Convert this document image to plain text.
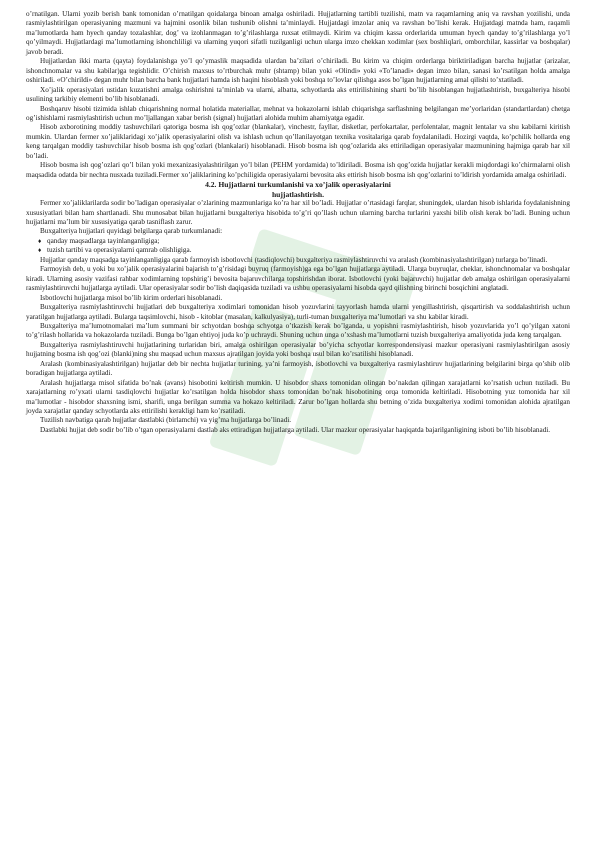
o’rnatilgan. Ularni yozib berish bank tomonidan o’rnatilgan qoidalarga binoan amalga oshiriladi. Hujjatlarning tartibli tuzilishi, matn va raqamlarning aniq va ravshan yozilishi, unda rasmiylashtirilgan operasiyaning mazmuni va hajmini osonlik bilan tushunib olishni ta’minlaydi. Hujjatdagi imzolar aniq va ravshan bo’lishi kerak. Hujjatdagi matnda ham, raqamli ma’lumotlarda ham hyech qanday tozalashlar, dog’ va izohlanmagan to’g’rilashlarga ruxsat etilmaydi. Kirim va chiqim kassa orderlarida umuman hyech qanday to’g’rilashlarga yo’l qo’yilmaydi. Hujjatlardagi ma’lumotlarning ishonchliligi va ularning yuqori sifatli tuzilganligi uchun ularga imzo chekkan xodimlar (sex boshliqlari, omborchilar, kassirlar va boshqalar) javob beradi.

Hujjatlardan ikki marta (qayta) foydalanishga yo’l qo’ymaslik maqsadida ulardan ba’zilari o’chiriladi. Bu kirim va chiqim orderlarga biriktiriladigan barcha hujjatlar (arizalar, ishonchnomalar va shu kabilar)ga tegishlidir. O’chirish maxsus to’rtburchak muhr (shtamp) bilan yoki «Olindi» yoki «To’lanadi» degan imzo bilan, sanasi ko’rsatilgan holda amalga oshiriladi. «O’chirildi» degan muhr bilan barcha bank hujjatlari hamda ish haqini hisoblash yoki boshqa to’lovlar qilishga asos bo’lgan hujjatlarning amal qilishi to’xtatiladi.

Xo’jalik operasiyalari ustidan kuzatishni amalga oshirishni ta’minlab va ularni, albatta, schyotlarda aks ettirilishining sharti bo’lib hisoblangan hujjatlashtirish, buxgalteriya hisobi usulining tarkibiy elementi bo’lib hisoblanadi.

Boshqaruv hisobi tizimida ishlab chiqarishning normal holatida materiallar, mehnat va hokazolarni ishlab chiqarishga sarflashning belgilangan me’yorlaridan (standartlardan) chetga og’ishishlarni rasmiylashtirish uchun mo’ljallangan xabar berish (signal) hujjatlari alohida muhim ahamiyatga egadir.

Hisob axborotining moddiy tashuvchilari qatoriga bosma ish qog’ozlar (blankalar), vinchestr, fayllar, disketlar, perfokartalar, perfolentalar, magnit lentalar va shu kabilarni kiritish mumkin. Ulardan fermer xo’jaliklaridagi xo’jalik operasiyalarini olish va ishlash uchun qo’llanilayotgan texnika vositalariga qarab foydalaniladi. Hozirgi vaqtda, ko’pchilik hollarda eng keng tarqalgan moddiy tashuvchilar hisob bosma ish qog’ozlari (blankalari) hisoblanadi. Hisob bosma ish qog’ozlarida aks ettiriladigan operasiyalar mazmunining hajmiga qarab har xil bo’ladi.

Hisob bosma ish qog’ozlari qo’l bilan yoki mexanizasiyalashtirilgan yo’l bilan (PEHM yordamida) to’ldiriladi. Bosma ish qog’ozida hujjatlar kerakli miqdordagi ko’chirmalarni olish maqsadida odatda bir nechta nusxada tuziladi.Fermer xo’jaliklarining ko’pchiligida operasiyalarni bevosita aks ettirish hisob bosma ish qog’ozlarini to’ldirish yordamida amalga oshiriladi.

4.2. Hujjatlarni turkumlanishi va xo’jalik operasiyalarini

hujjatlashtirish.

Fermer xo’jaliklarilarda sodir bo’ladigan operasiyalar o’zlarining mazmunlariga ko’ra har xil bo’ladi. Hujjatlar o’rtasidagi farqlar, shuningdek, ulardan hisob ishlarida foydalanishning xususiyatlari bilan ham shartlanadi. Shu munosabat bilan hujjatlarni buxgalteriya hisobida to’g’ri qo’llash uchun ularning barcha turlarini yaxshi bilib olish kerak bo’ladi. Buning uchun hujjatlarni ma’lum bir xususiyatiga qarab tasniflash zarur.

Buxgalteriya hujjatlari quyidagi belgilarga qarab turkumlanadi:

♦ qanday maqsadlarga tayinlanganligiga;
♦ tuzish tartibi va operasiyalarni qamrab olishligiga.

Hujjatlar qanday maqsadga tayinlanganligiga qarab farmoyish isbotlovchi (tasdiqlovchi) buxgalteriya rasmiylashtiruvchi va aralash (kombinasiyalashtirilgan) turlarga bo’linadi.

Farmoyish deb, u yoki bu xo’jalik operasiyalarini bajarish to’g’risidagi buyruq (farmoyish)ga ega bo’lgan hujjatlarga aytiladi. Ularga buyruqlar, cheklar, ishonchnomalar va boshqalar kiradi. Ularning asosiy vazifasi rahbar xodimlarning topshirig’i bevosita bajaruvchilarga topshirishdan iborat. Isbotlovchi (yoki bajaruvchi) hujjatlar deb amalga oshirilgan operasiyalarni rasmiylashtiruvchi hujjatlarga aytiladi. Ular operasiyalar sodir bo’lish daqiqasida tuziladi va ushbu operasiyalarni hisobda qayd qilishning birinchi bosqichini anglatadi.

Isbotlovchi hujjatlarga misol bo’lib kirim orderlari hisoblanadi.

Buxgalteriya rasmiylashtiruvchi hujjatlari deb buxgalteriya xodimlari tomonidan hisob yozuvlarini tayyorlash hamda ularni yengillashtirish, qisqartirish va soddalashtirish uchun yaratilgan hujjatlarga aytiladi. Bularga taqsimlovchi, hisob - kitoblar (masalan, kalkulyasiya), turli-tuman buxgalteriya ma’lumotlari va shu kabilar kiradi.

Buxgalteriya ma’lumotnomalari ma’lum summani bir schyotdan boshqa schyotga o’tkazish kerak bo’lganda, u yopishni rasmiylashtirish, hisob yozuvlarida yo’l qo’yilgan xatoni to’g’rilash hollarida va hokazolarda tuziladi. Bunga bo’lgan ehtiyoj juda ko’p uchraydi. Shuning uchun unga o’xshash ma’lumotlarni tuzish buxgalteriya amaliyotida juda keng tarqalgan.

Buxgalteriya rasmiylashtiruvchi hujjatlarining turlaridan biri, amalga oshirilgan operasiyalar bo’yicha schyotlar korrespondensiyasi mazkur operasiyani rasmiylashtirilgan asosiy hujjatning bosma ish qog’ozi (blanki)ning shu maqsad uchun maxsus ajratilgan joyida yoki boshqa usul bilan ko’rsatilishi hisoblanadi.

Aralash (kombinasiyalashtirilgan) hujjatlar deb bir nechta hujjatlar turining, ya’ni farmoyish, isbotlovchi va buxgalteriya rasmiylashtiruv hujjatlarining belgilarini birga qo’shib olib boradigan hujjatlarga aytiladi.

Aralash hujjatlarga misol sifatida bo’nak (avans) hisobotini keltirish mumkin. U hisobdor shaxs tomonidan olingan bo’nakdan qilingan xarajatlarni ko’rsatish uchun tuziladi. Bu xarajatlarning ro’yxati ularni tasdiqlovchi hujjatlar ko’rsatilgan holda hisobdor shaxs tomonidan bo’nak hisobotining orqa tomonida keltiriladi. Hisobotning yuz tomonida har xil ma’lumotlar - hisobdor shaxsning ismi, sharifi, unga berilgan summa va hokazo keltiriladi. Zarur bo’lgan hollarda shu betning o’zida buxgalteriya xodimi tomonidan alohida ajratilgan joyda xarajatlar qanday schyotlarda aks ettirilishi kerakligi ham ko’rsatiladi.

Tuzilish navbatiga qarab hujjatlar dastlabki (birlamchi) va yig’ma hujjatlarga bo’linadi.

Dastlabki hujjat deb sodir bo’lib o’tgan operasiyalarni dastlab aks ettiradigan hujjatlarga aytiladi. Ular mazkur operasiyalar haqiqatda bajarilganligining isboti bo’lib hisoblanadi.
